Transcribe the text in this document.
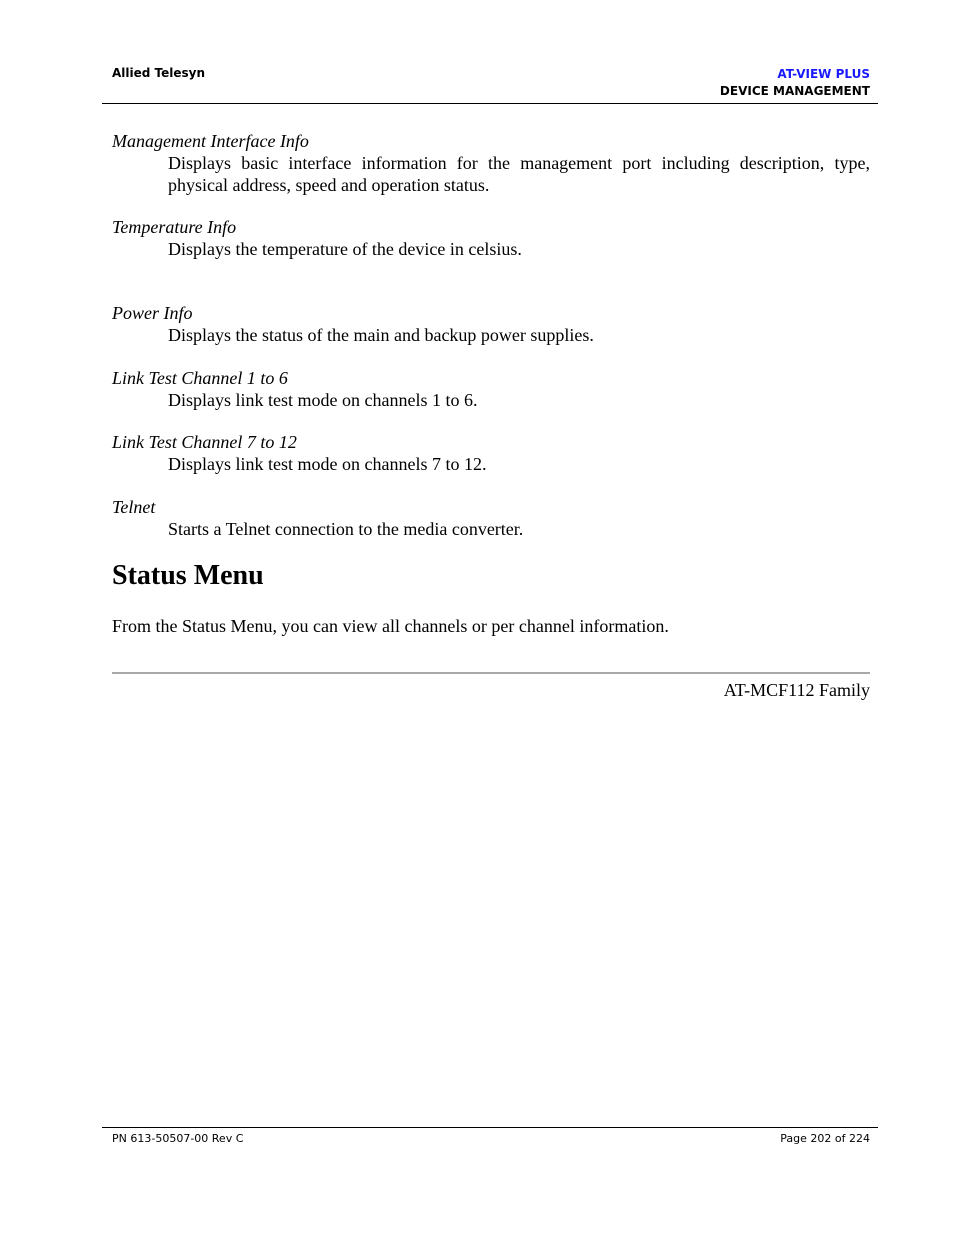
Allied Telesyn	AT-VIEW PLUS
DEVICE MANAGEMENT
Management Interface Info
Displays basic interface information for the management port including description, type, physical address, speed and operation status.
Temperature Info
Displays the temperature of the device in celsius.
Power Info
Displays the status of the main and backup power supplies.
Link Test Channel 1 to 6
Displays link test mode on channels 1 to 6.
Link Test Channel 7 to 12
Displays link test mode on channels 7 to 12.
Telnet
Starts a Telnet connection to the media converter.
Status Menu
From the Status Menu, you can view all channels or per channel information.
AT-MCF112 Family
PN 613-50507-00 Rev C	Page 202 of 224
